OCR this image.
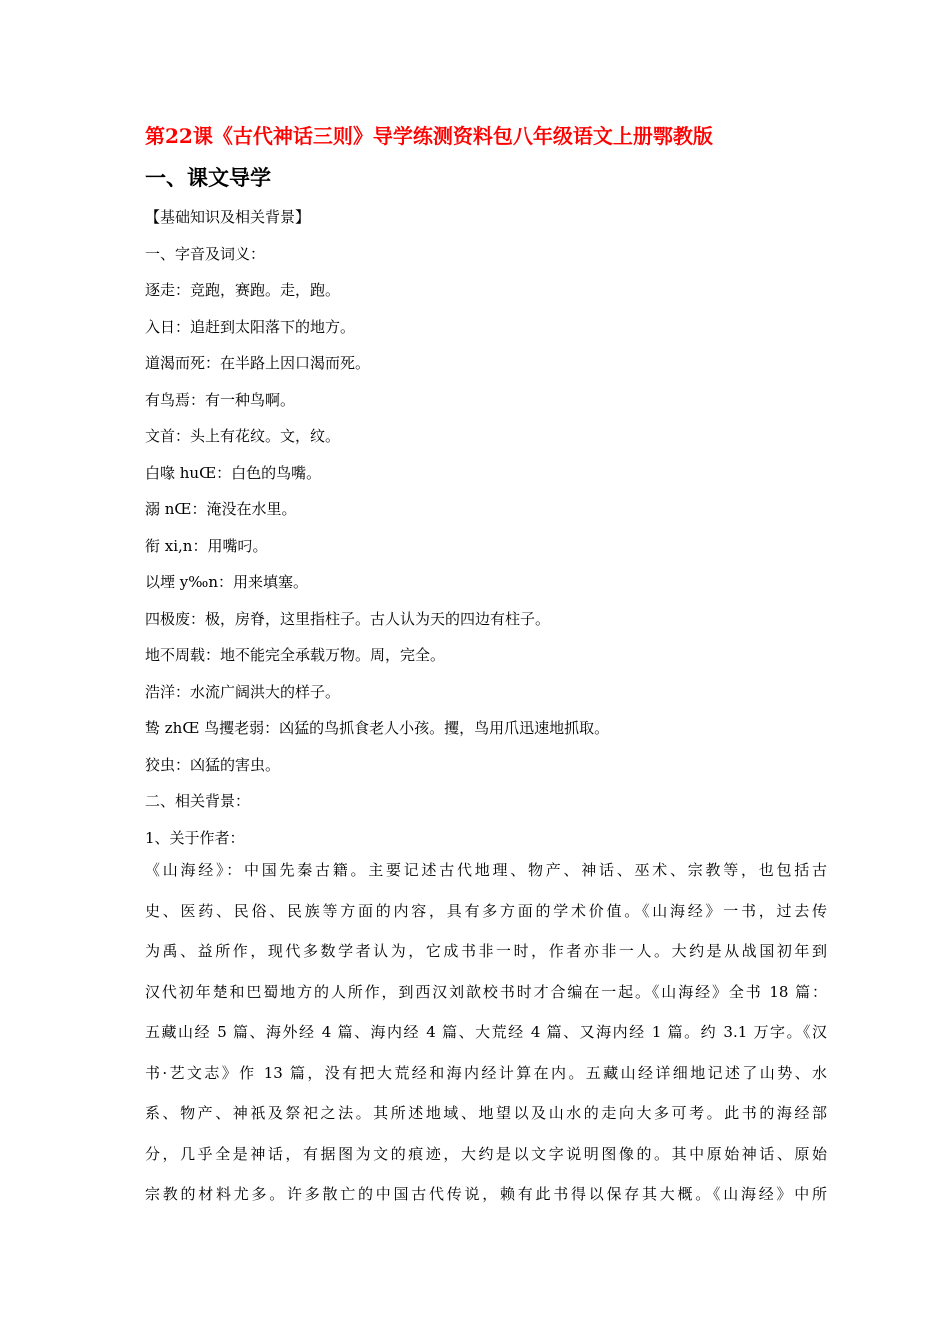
第22课《古代神话三则》导学练测资料包八年级语文上册鄂教版
一、课文导学
【基础知识及相关背景】
一、字音及词义：
逐走：竞跑，赛跑。走，跑。
入日：追赶到太阳落下的地方。
道渴而死：在半路上因口渴而死。
有鸟焉：有一种鸟啊。
文首：头上有花纹。文，纹。
白喙 huŒ：白色的鸟嘴。
溺 nŒ：淹没在水里。
衔 xi,n：用嘴叼。
以堙 y‰n：用来填塞。
四极废：极，房脊，这里指柱子。古人认为天的四边有柱子。
地不周载：地不能完全承载万物。周，完全。
浩洋：水流广阔洪大的样子。
鸷 zhŒ 鸟攫老弱：凶猛的鸟抓食老人小孩。攫，鸟用爪迅速地抓取。
狡虫：凶猛的害虫。
二、相关背景：
1、关于作者：
《山海经》：中国先秦古籍。主要记述古代地理、物产、神话、巫术、宗教等，也包括古
史、医药、民俗、民族等方面的内容，具有多方面的学术价值。《山海经》一书，过去传
为禹、益所作，现代多数学者认为，它成书非一时，作者亦非一人。大约是从战国初年到
汉代初年楚和巴蜀地方的人所作，到西汉刘歆校书时才合编在一起。《山海经》全书 18 篇：
五藏山经 5 篇、海外经 4 篇、海内经 4 篇、大荒经 4 篇、又海内经 1 篇。约 3.1 万字。《汉
书·艺文志》作 13 篇，没有把大荒经和海内经计算在内。五藏山经详细地记述了山势、水
系、物产、神祇及祭祀之法。其所述地域、地望以及山水的走向大多可考。此书的海经部
分，几乎全是神话，有据图为文的痕迹，大约是以文字说明图像的。其中原始神话、原始
宗教的材料尤多。许多散亡的中国古代传说，赖有此书得以保存其大概。《山海经》中所
